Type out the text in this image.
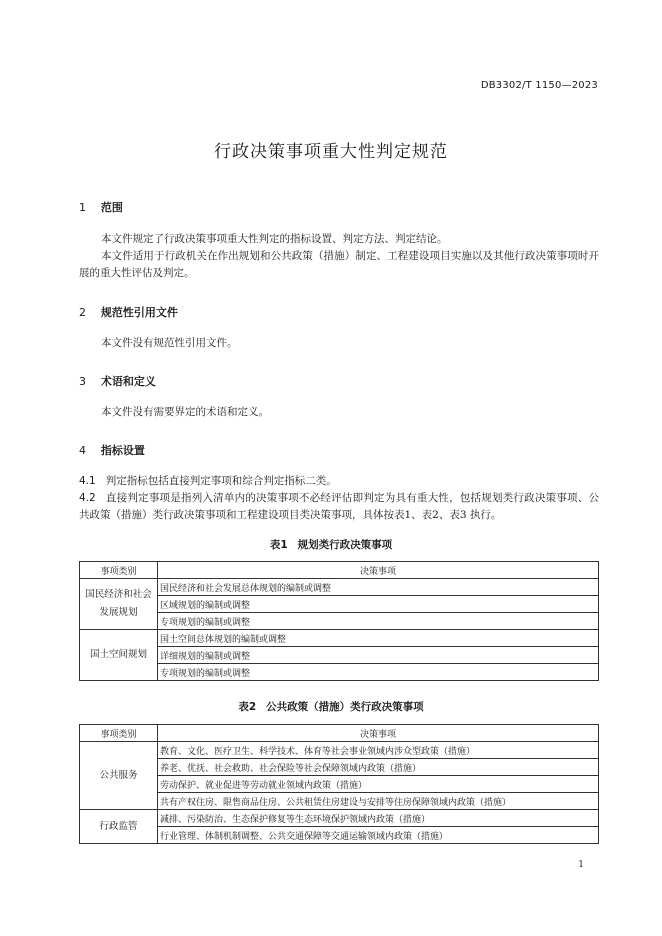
DB3302/T 1150—2023
行政决策事项重大性判定规范
1 范围
本文件规定了行政决策事项重大性判定的指标设置、判定方法、判定结论。
本文件适用于行政机关在作出规划和公共政策（措施）制定、工程建设项目实施以及其他行政决策事项时开展的重大性评估及判定。
2 规范性引用文件
本文件没有规范性引用文件。
3 术语和定义
本文件没有需要界定的术语和定义。
4 指标设置
4.1 判定指标包括直接判定事项和综合判定指标二类。
4.2 直接判定事项是指列入清单内的决策事项不必经评估即判定为具有重大性，包括规划类行政决策事项、公共政策（措施）类行政决策事项和工程建设项目类决策事项，具体按表1、表2、表3 执行。
表1 规划类行政决策事项
事项类别	决策事项
国民经济和社会发展规划	国民经济和社会发展总体规划的编制或调整
	区域规划的编制或调整
	专项规划的编制或调整
国土空间规划	国土空间总体规划的编制或调整
	详细规划的编制或调整
	专项规划的编制或调整
表2 公共政策（措施）类行政决策事项
事项类别	决策事项
公共服务	教育、文化、医疗卫生、科学技术、体育等社会事业领域内涉众型政策（措施）
	养老、优抚、社会救助、社会保险等社会保障领域内政策（措施）
	劳动保护、就业促进等劳动就业领域内政策（措施）
	共有产权住房、限售商品住房、公共租赁住房建设与安排等住房保障领域内政策（措施）
行政监管	减排、污染防治、生态保护修复等生态环境保护领域内政策（措施）
	行业管理、体制机制调整、公共交通保障等交通运输领域内政策（措施）
1
